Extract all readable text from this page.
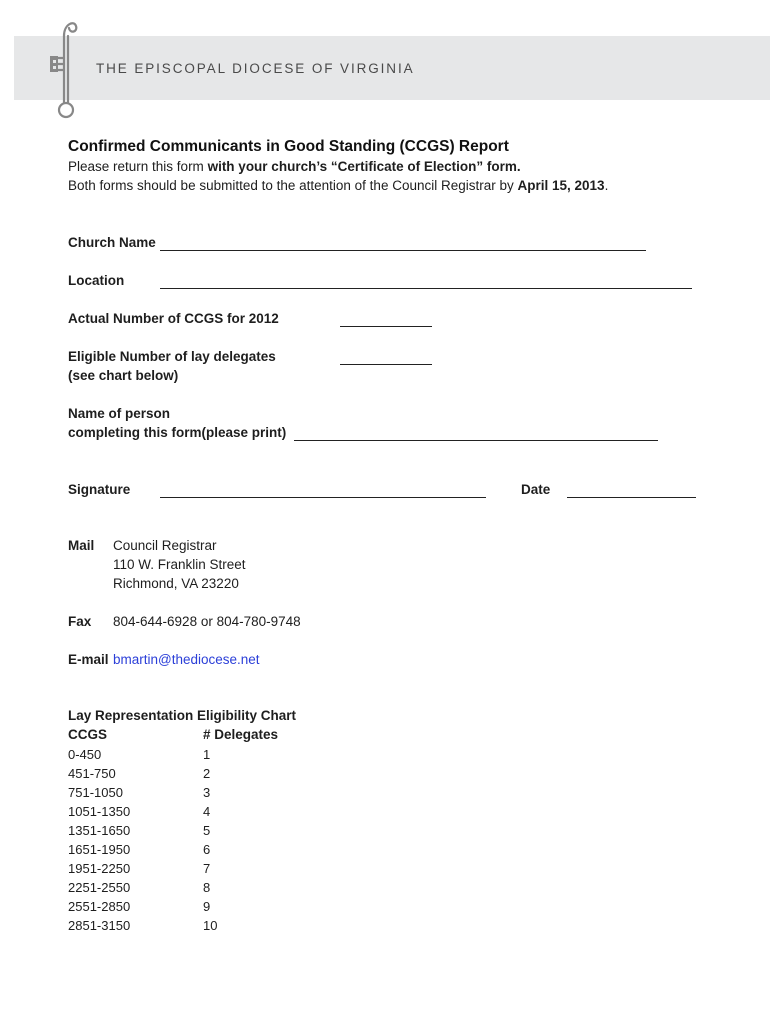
THE EPISCOPAL DIOCESE OF VIRGINIA
Confirmed Communicants in Good Standing (CCGS) Report
Please return this form with your church’s “Certificate of Election” form.
Both forms should be submitted to the attention of the Council Registrar by April 15, 2013.
Church Name
Location
Actual Number of CCGS for 2012
Eligible Number of lay delegates
(see chart below)
Name of person
completing this form(please print)
Signature	Date
Mail Council Registrar
110 W. Franklin Street
Richmond, VA 23220
Fax 804-644-6928 or 804-780-9748
E-mail bmartin@thediocese.net
Lay Representation Eligibility Chart
CCGS	# Delegates
0-450	1
451-750	2
751-1050	3
1051-1350	4
1351-1650	5
1651-1950	6
1951-2250	7
2251-2550	8
2551-2850	9
2851-3150	10
